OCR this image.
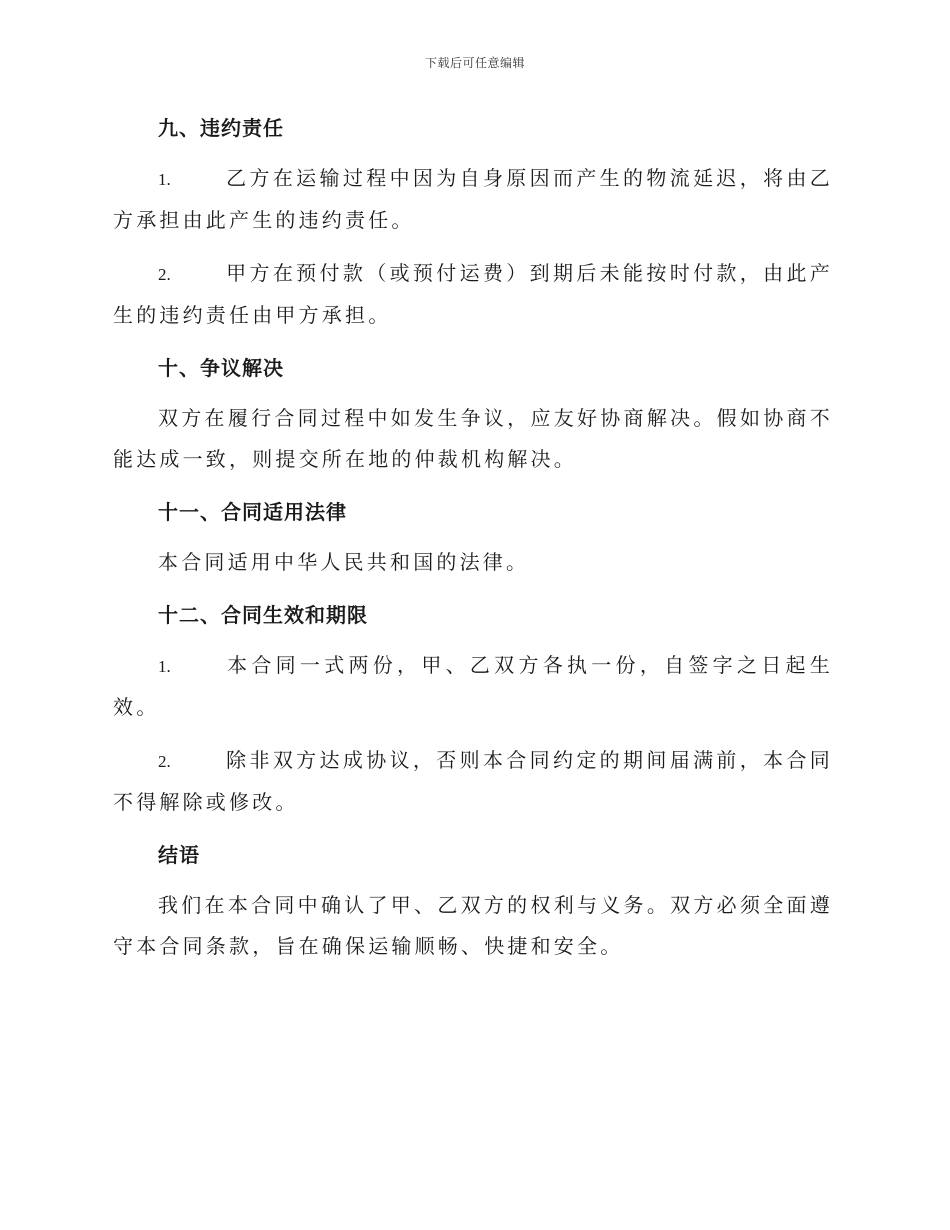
下载后可任意编辑
九、违约责任

1.	乙方在运输过程中因为自身原因而产生的物流延迟，将由乙方承担由此产生的违约责任。

2.	甲方在预付款（或预付运费）到期后未能按时付款，由此产生的违约责任由甲方承担。

十、争议解决

双方在履行合同过程中如发生争议，应友好协商解决。假如协商不能达成一致，则提交所在地的仲裁机构解决。

十一、合同适用法律

本合同适用中华人民共和国的法律。

十二、合同生效和期限

1.	本合同一式两份，甲、乙双方各执一份，自签字之日起生效。

2.	除非双方达成协议，否则本合同约定的期间届满前，本合同不得解除或修改。

结语

我们在本合同中确认了甲、乙双方的权利与义务。双方必须全面遵守本合同条款，旨在确保运输顺畅、快捷和安全。
